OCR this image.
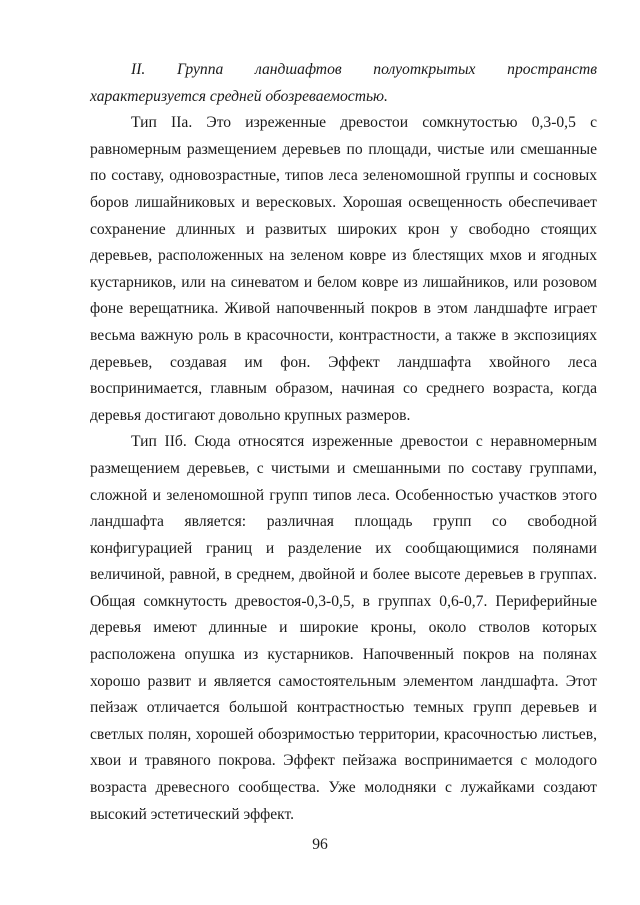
II. Группа ландшафтов полуоткрытых пространств характеризуется средней обозреваемостью.

Тип IIа. Это изреженные древостои сомкнутостью 0,3-0,5 с равномерным размещением деревьев по площади, чистые или смешанные по составу, одновозрастные, типов леса зеленомошной группы и сосновых боров лишайниковых и вересковых. Хорошая освещенность обеспечивает сохранение длинных и развитых широких крон у свободно стоящих деревьев, расположенных на зеленом ковре из блестящих мхов и ягодных кустарников, или на синеватом и белом ковре из лишайников, или розовом фоне верещатника. Живой напочвенный покров в этом ландшафте играет весьма важную роль в красочности, контрастности, а также в экспозициях деревьев, создавая им фон. Эффект ландшафта хвойного леса воспринимается, главным образом, начиная со среднего возраста, когда деревья достигают довольно крупных размеров.

Тип IIб. Сюда относятся изреженные древостои с неравномерным размещением деревьев, с чистыми и смешанными по составу группами, сложной и зеленомошной групп типов леса. Особенностью участков этого ландшафта является: различная площадь групп со свободной конфигурацией границ и разделение их сообщающимися полянами величиной, равной, в среднем, двойной и более высоте деревьев в группах. Общая сомкнутость древостоя-0,3-0,5, в группах 0,6-0,7. Периферийные деревья имеют длинные и широкие кроны, около стволов которых расположена опушка из кустарников. Напочвенный покров на полянах хорошо развит и является самостоятельным элементом ландшафта. Этот пейзаж отличается большой контрастностью темных групп деревьев и светлых полян, хорошей обозримостью территории, красочностью листьев, хвои и травяного покрова. Эффект пейзажа воспринимается с молодого возраста древесного сообщества. Уже молодняки с лужайками создают высокий эстетический эффект.

96
